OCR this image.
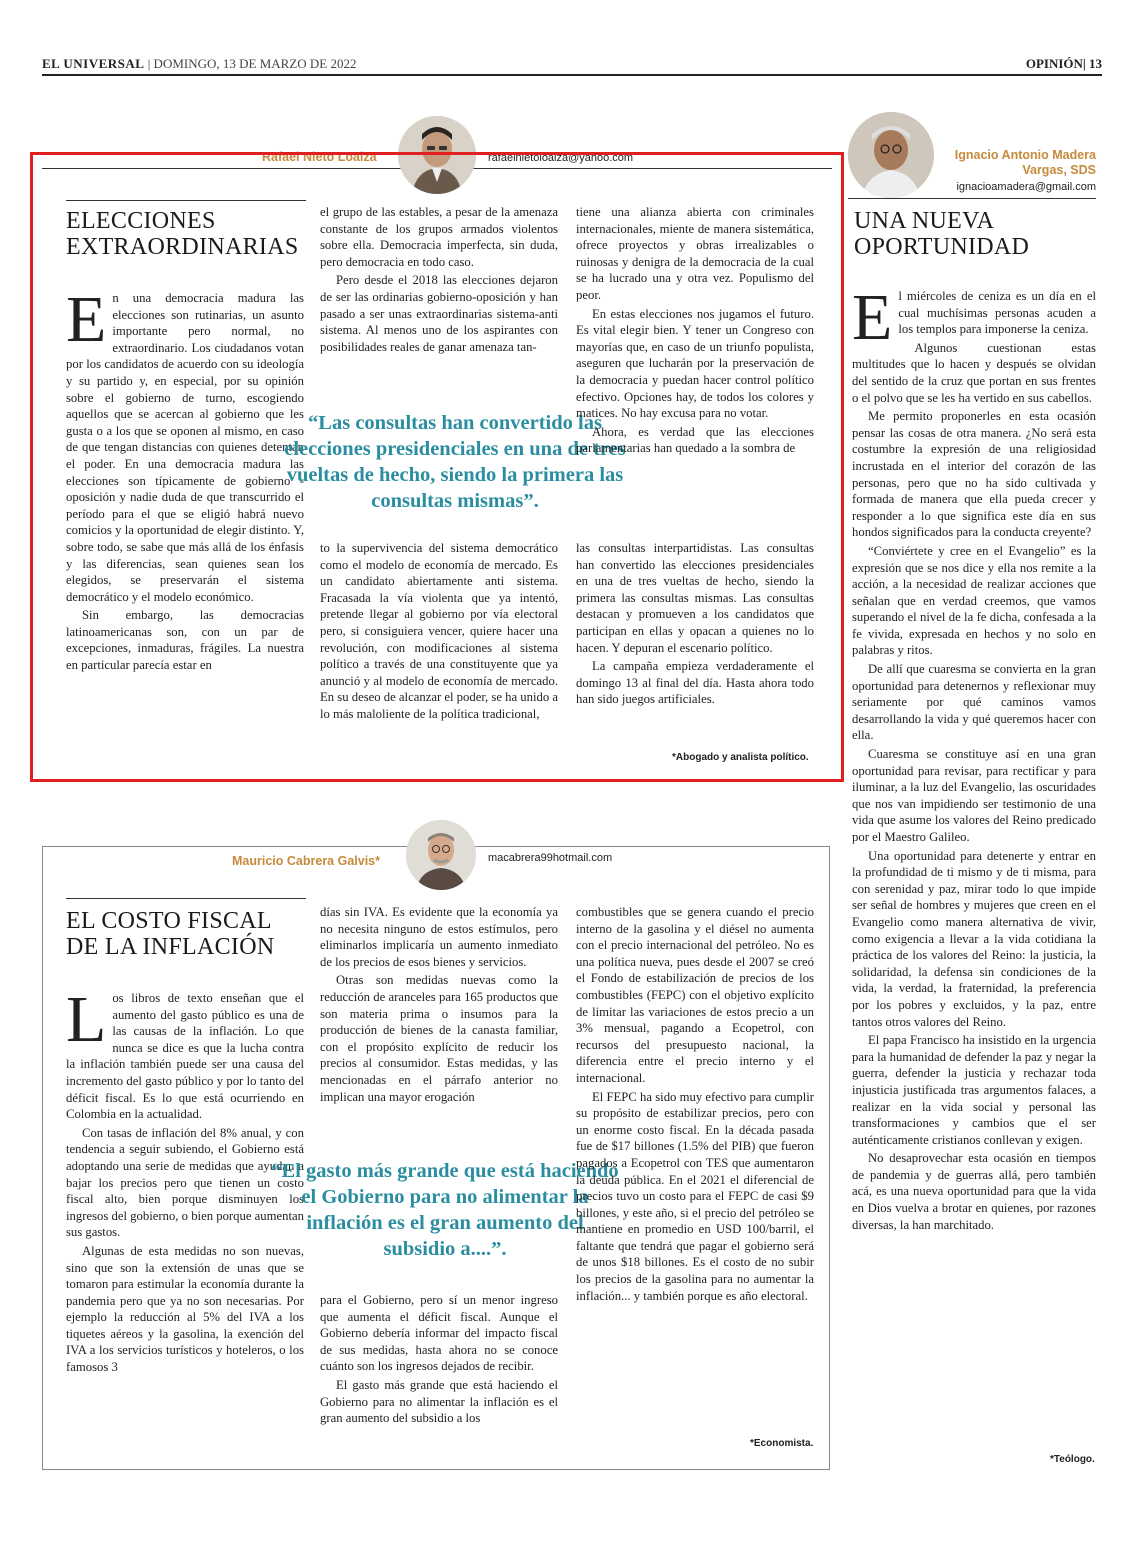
EL UNIVERSAL | DOMINGO, 13 DE MARZO DE 2022	OPINIÓN| 13
Rafael Nieto Loaiza	rafaelnietoloaiza@yahoo.com
ELECCIONES
EXTRAORDINARIAS
E n una democracia madura las elecciones son rutinarias, un asunto importante pero normal, no extraordinario. Los ciudadanos votan por los candidatos de acuerdo con su ideología y su partido y, en especial, por su opinión sobre el gobierno de turno, escogiendo aquellos que se acercan al gobierno que les gusta o a los que se oponen al mismo, en caso de que tengan distancias con quienes detentan el poder. En una democracia madura las elecciones son típicamente de gobierno - oposición y nadie duda de que transcurrido el período para el que se eligió habrá nuevo comicios y la oportunidad de elegir distinto. Y, sobre todo, se sabe que más allá de los énfasis y las diferencias, sean quienes sean los elegidos, se preservarán el sistema democrático y el modelo económico.

Sin embargo, las democracias latinoamericanas son, con un par de excepciones, inmaduras, frágiles. La nuestra en particular parecía estar en

el grupo de las estables, a pesar de la amenaza constante de los grupos armados violentos sobre ella. Democracia imperfecta, sin duda, pero democracia en todo caso.

Pero desde el 2018 las elecciones dejaron de ser las ordinarias gobierno-oposición y han pasado a ser unas extraordinarias sistema-anti sistema. Al menos uno de los aspirantes con posibilidades reales de ganar amenaza tan-

“Las consultas han convertido las elecciones presidenciales en una de tres vueltas de hecho, siendo la primera las consultas mismas”.

to la supervivencia del sistema democrático como el modelo de economía de mercado. Es un candidato abiertamente anti sistema. Fracasada la vía violenta que ya intentó, pretende llegar al gobierno por vía electoral pero, si consiguiera vencer, quiere hacer una revolución, con modificaciones al sistema político a través de una constituyente que ya anunció y al modelo de economía de mercado. En su deseo de alcanzar el poder, se ha unido a lo más maloliente de la política tradicional,

tiene una alianza abierta con criminales internacionales, miente de manera sistemática, ofrece proyectos y obras irrealizables o ruinosas y denigra de la democracia de la cual se ha lucrado una y otra vez. Populismo del peor.

En estas elecciones nos jugamos el futuro. Es vital elegir bien. Y tener un Congreso con mayorías que, en caso de un triunfo populista, aseguren que lucharán por la preservación de la democracia y puedan hacer control político efectivo. Opciones hay, de todos los colores y matices. No hay excusa para no votar.

Ahora, es verdad que las elecciones parlamentarias han quedado a la sombra de

las consultas interpartidistas. Las consultas han convertido las elecciones presidenciales en una de tres vueltas de hecho, siendo la primera las consultas mismas. Las consultas destacan y promueven a los candidatos que participan en ellas y opacan a quienes no lo hacen. Y depuran el escenario político.

La campaña empieza verdaderamente el domingo 13 al final del día. Hasta ahora todo han sido juegos artificiales.

*Abogado y analista político.
Mauricio Cabrera Galvis*	macabrera99hotmail.com
EL COSTO FISCAL
DE LA INFLACIÓN
L os libros de texto enseñan que el aumento del gasto público es una de las causas de la inflación. Lo que nunca se dice es que la lucha contra la inflación también puede ser una causa del incremento del gasto público y por lo tanto del déficit fiscal. Es lo que está ocurriendo en Colombia en la actualidad.

Con tasas de inflación del 8% anual, y con tendencia a seguir subiendo, el Gobierno está adoptando una serie de medidas que ayudan a bajar los precios pero que tienen un costo fiscal alto, bien porque disminuyen los ingresos del gobierno, o bien porque aumentan sus gastos.

Algunas de esta medidas no son nuevas, sino que son la extensión de unas que se tomaron para estimular la economía durante la pandemia pero que ya no son necesarias. Por ejemplo la reducción al 5% del IVA a los tiquetes aéreos y la gasolina, la exención del IVA a los servicios turísticos y hoteleros, o los famosos 3

días sin IVA. Es evidente que la economía ya no necesita ninguno de estos estímulos, pero eliminarlos implicaría un aumento inmediato de los precios de esos bienes y servicios.

Otras son medidas nuevas como la reducción de aranceles para 165 productos que son materia prima o insumos para la producción de bienes de la canasta familiar, con el propósito explícito de reducir los precios al consumidor. Estas medidas, y las mencionadas en el párrafo anterior no implican una mayor erogación

“El gasto más grande que está haciendo el Gobierno para no alimentar la inflación es el gran aumento del subsidio a....”.

para el Gobierno, pero sí un menor ingreso que aumenta el déficit fiscal. Aunque el Gobierno debería informar del impacto fiscal de sus medidas, hasta ahora no se conoce cuánto son los ingresos dejados de recibir.

El gasto más grande que está haciendo el Gobierno para no alimentar la inflación es el gran aumento del subsidio a los

combustibles que se genera cuando el precio interno de la gasolina y el diésel no aumenta con el precio internacional del petróleo. No es una política nueva, pues desde el 2007 se creó el Fondo de estabilización de precios de los combustibles (FEPC) con el objetivo explícito de limitar las variaciones de estos precio a un 3% mensual, pagando a Ecopetrol, con recursos del presupuesto nacional, la diferencia entre el precio interno y el internacional.

El FEPC ha sido muy efectivo para cumplir su propósito de estabilizar precios, pero con un enorme costo fiscal. En la década pasada fue de $17 billones (1.5% del PIB) que fueron pagados a Ecopetrol con TES que aumentaron la deuda pública. En el 2021 el diferencial de precios tuvo un costo para el FEPC de casi $9 billones, y este año, si el precio del petróleo se mantiene en promedio en USD 100/barril, el faltante que tendrá que pagar el gobierno será de unos $18 billones. Es el costo de no subir los precios de la gasolina para no aumentar la inflación... y también porque es año electoral.

*Economista.
Ignacio Antonio Madera
Vargas, SDS
ignacioamadera@gmail.com
UNA NUEVA
OPORTUNIDAD
E l miércoles de ceniza es un día en el cual muchísimas personas acuden a los templos para imponerse la ceniza.

Algunos cuestionan estas multitudes que lo hacen y después se olvidan del sentido de la cruz que portan en sus frentes o el polvo que se les ha vertido en sus cabellos.

Me permito proponerles en esta ocasión pensar las cosas de otra manera. ¿No será esta costumbre la expresión de una religiosidad incrustada en el interior del corazón de las personas, pero que no ha sido cultivada y formada de manera que ella pueda crecer y responder a lo que significa este día en sus hondos significados para la conducta creyente?

“Conviértete y cree en el Evangelio” es la expresión que se nos dice y ella nos remite a la acción, a la necesidad de realizar acciones que señalan que en verdad creemos, que vamos superando el nivel de la fe dicha, confesada a la fe vivida, expresada en hechos y no solo en palabras y ritos.

De allí que cuaresma se convierta en la gran oportunidad para detenernos y reflexionar muy seriamente por qué caminos vamos desarrollando la vida y qué queremos hacer con ella.

Cuaresma se constituye así en una gran oportunidad para revisar, para rectificar y para iluminar, a la luz del Evangelio, las oscuridades que nos van impidiendo ser testimonio de una vida que asume los valores del Reino predicado por el Maestro Galileo.

Una oportunidad para detenerte y entrar en la profundidad de ti mismo y de ti misma, para con serenidad y paz, mirar todo lo que impide ser señal de hombres y mujeres que creen en el Evangelio como manera alternativa de vivir, como exigencia a llevar a la vida cotidiana la práctica de los valores del Reino: la justicia, la solidaridad, la defensa sin condiciones de la vida, la verdad, la fraternidad, la preferencia por los pobres y excluidos, y la paz, entre tantos otros valores del Reino.

El papa Francisco ha insistido en la urgencia para la humanidad de defender la paz y negar la guerra, defender la justicia y rechazar toda injusticia justificada tras argumentos falaces, a realizar en la vida social y personal las transformaciones y cambios que el ser auténticamente cristianos conllevan y exigen.

No desaprovechar esta ocasión en tiempos de pandemia y de guerras allá, pero también acá, es una nueva oportunidad para que la vida en Dios vuelva a brotar en quienes, por razones diversas, la han marchitado.

*Teólogo.
